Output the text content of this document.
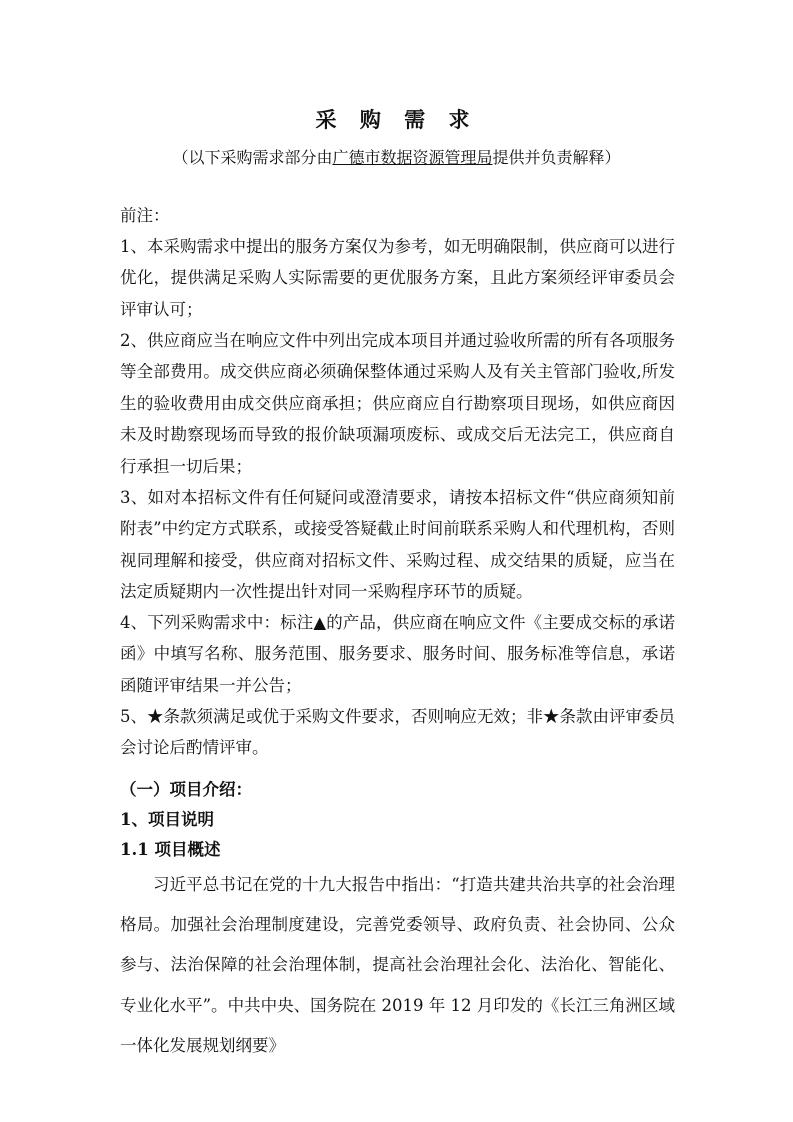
采 购 需 求
（以下采购需求部分由广德市数据资源管理局提供并负责解释）
前注：
1、本采购需求中提出的服务方案仅为参考，如无明确限制，供应商可以进行优化，提供满足采购人实际需要的更优服务方案，且此方案须经评审委员会评审认可；
2、供应商应当在响应文件中列出完成本项目并通过验收所需的所有各项服务等全部费用。成交供应商必须确保整体通过采购人及有关主管部门验收,所发生的验收费用由成交供应商承担；供应商应自行勘察项目现场，如供应商因未及时勘察现场而导致的报价缺项漏项废标、或成交后无法完工，供应商自行承担一切后果；
3、如对本招标文件有任何疑问或澄清要求，请按本招标文件“供应商须知前附表”中约定方式联系，或接受答疑截止时间前联系采购人和代理机构，否则视同理解和接受，供应商对招标文件、采购过程、成交结果的质疑，应当在法定质疑期内一次性提出针对同一采购程序环节的质疑。
4、下列采购需求中：标注▲的产品，供应商在响应文件《主要成交标的承诺函》中填写名称、服务范围、服务要求、服务时间、服务标准等信息，承诺函随评审结果一并公告；
5、★条款须满足或优于采购文件要求，否则响应无效；非★条款由评审委员会讨论后酌情评审。
（一）项目介绍：
1、项目说明
1.1 项目概述
习近平总书记在党的十九大报告中指出：“打造共建共治共享的社会治理格局。加强社会治理制度建设，完善党委领导、政府负责、社会协同、公众参与、法治保障的社会治理体制，提高社会治理社会化、法治化、智能化、专业化水平”。中共中央、国务院在 2019 年 12 月印发的《长江三角洲区域一体化发展规划纲要》
